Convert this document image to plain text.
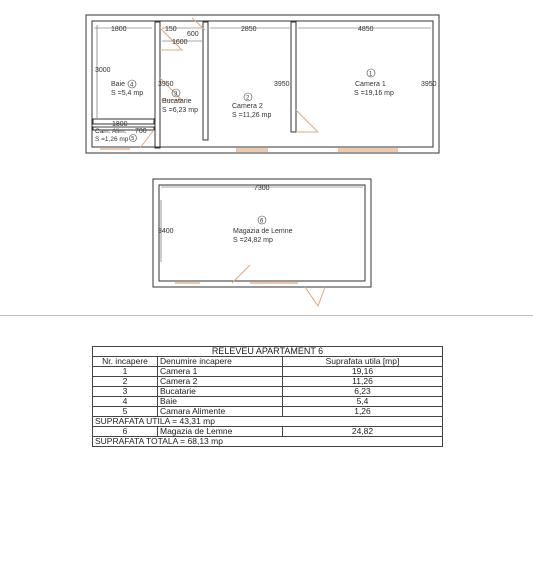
1800	150
600
1600
2850	4850
3000
3950	3950	3950
1800
700
7300
3400
1
Camera 1
S =19,16 mp
2
Camera 2
S =11,26 mp
3
Bucatarie
S =6,23 mp
Baie 4
S =5,4 mp
Cam. Alim.
S =1,26 mp 5
6
Magazia de Lemne
S =24,82 mp
RELEVEU APARTAMENT 6		
Nr. incapere	Denumire incapere	Suprafata utila [mp]
1	Camera 1	19,16
2	Camera 2	11,26
3	Bucatarie	6,23
4	Baie	5,4
5	Camara Alimente	1,26
SUPRAFATA UTILA = 43,31 mp		
6	Magazia de Lemne	24,82
SUPRAFATA TOTALA = 68,13 mp		
